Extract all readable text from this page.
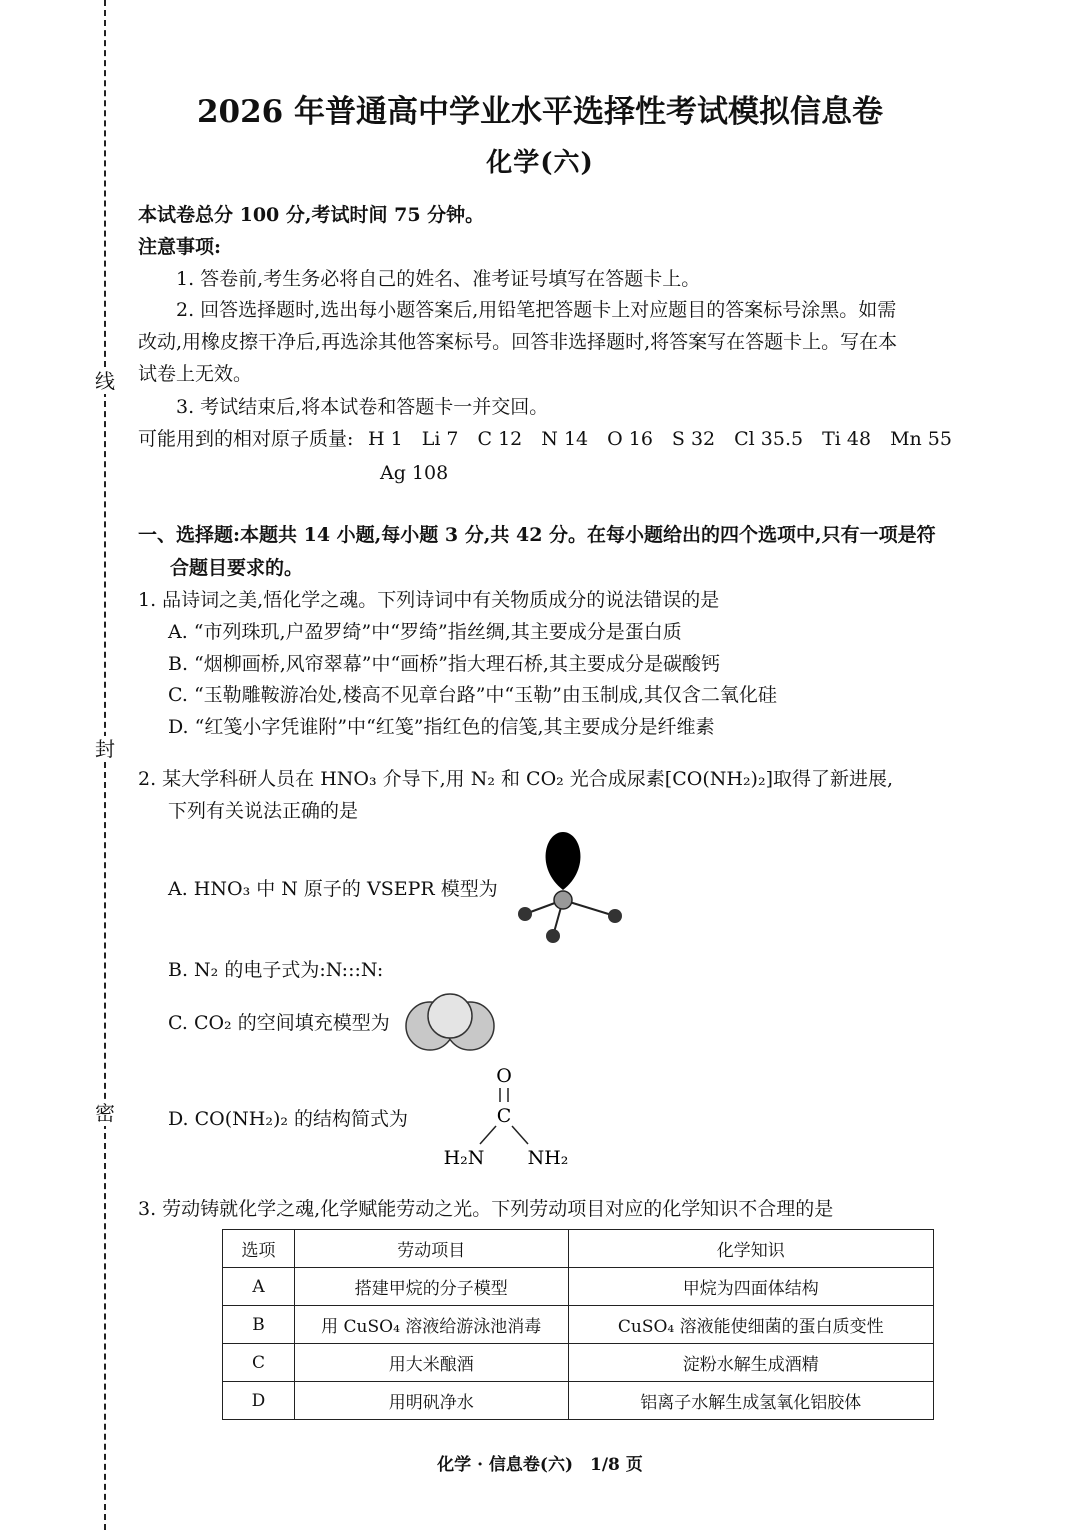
线
封
密
2026 年普通高中学业水平选择性考试模拟信息卷
化学(六)
本试卷总分 100 分,考试时间 75 分钟。
注意事项:
1. 答卷前,考生务必将自己的姓名、准考证号填写在答题卡上。
2. 回答选择题时,选出每小题答案后,用铅笔把答题卡上对应题目的答案标号涂黑。如需
改动,用橡皮擦干净后,再选涂其他答案标号。回答非选择题时,将答案写在答题卡上。写在本
试卷上无效。
3. 考试结束后,将本试卷和答题卡一并交回。
可能用到的相对原子质量: H 1　Li 7　C 12　N 14　O 16　S 32　Cl 35.5　Ti 48　Mn 55
Ag 108
一、选择题:本题共 14 小题,每小题 3 分,共 42 分。在每小题给出的四个选项中,只有一项是符
合题目要求的。
1. 品诗词之美,悟化学之魂。下列诗词中有关物质成分的说法错误的是
A. “市列珠玑,户盈罗绮”中“罗绮”指丝绸,其主要成分是蛋白质
B. “烟柳画桥,风帘翠幕”中“画桥”指大理石桥,其主要成分是碳酸钙
C. “玉勒雕鞍游冶处,楼高不见章台路”中“玉勒”由玉制成,其仅含二氧化硅
D. “红笺小字凭谁附”中“红笺”指红色的信笺,其主要成分是纤维素
2. 某大学科研人员在 HNO₃ 介导下,用 N₂ 和 CO₂ 光合成尿素[CO(NH₂)₂]取得了新进展,
下列有关说法正确的是
A. HNO₃ 中 N 原子的 VSEPR 模型为
B. N₂ 的电子式为:N:::N:
C. CO₂ 的空间填充模型为
D. CO(NH₂)₂ 的结构简式为
O
C
H₂N NH₂
3. 劳动铸就化学之魂,化学赋能劳动之光。下列劳动项目对应的化学知识不合理的是
选项	劳动项目	化学知识
A	搭建甲烷的分子模型	甲烷为四面体结构
B	用 CuSO₄ 溶液给游泳池消毒	CuSO₄ 溶液能使细菌的蛋白质变性
C	用大米酿酒	淀粉水解生成酒精
D	用明矾净水	铝离子水解生成氢氧化铝胶体
化学 · 信息卷(六)　1/8 页
